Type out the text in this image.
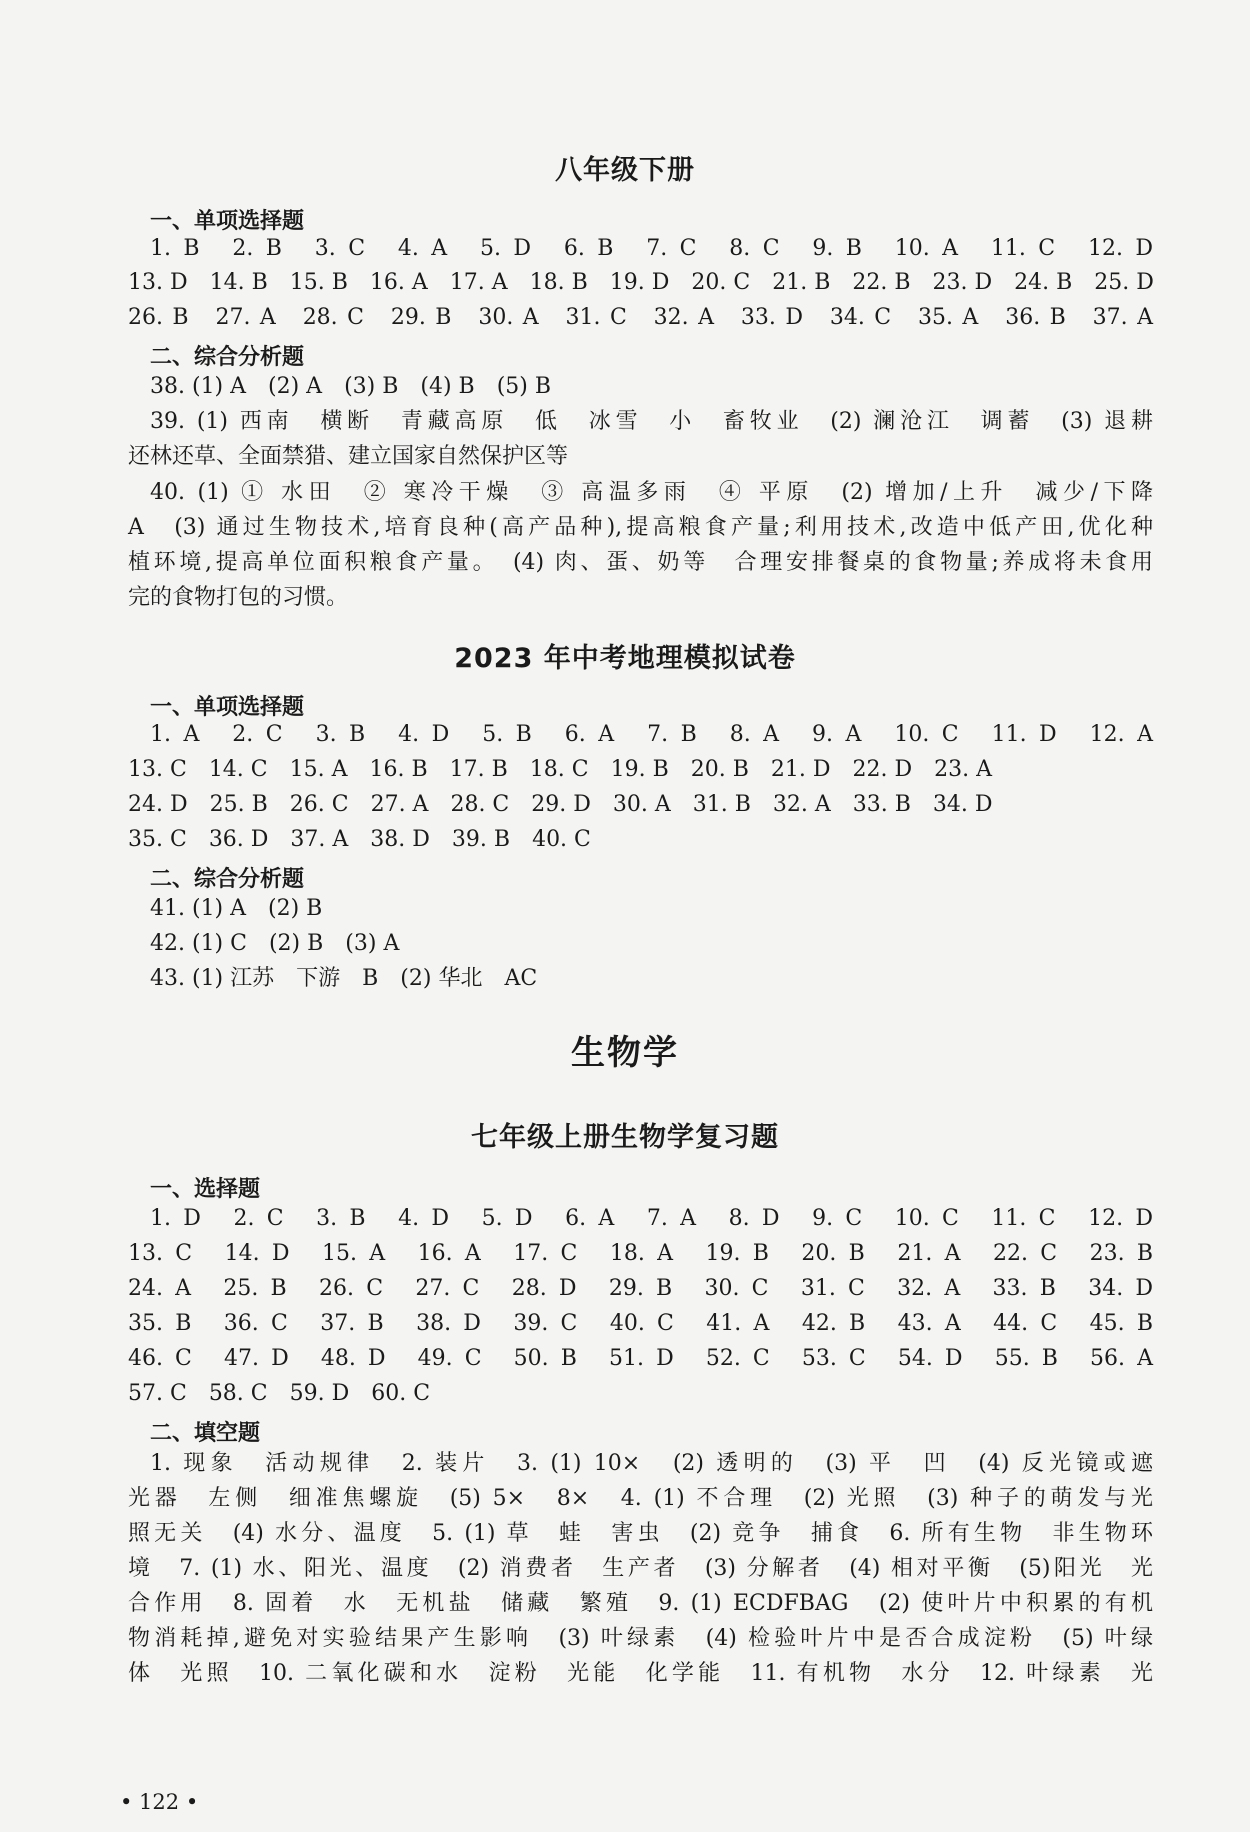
八年级下册
一、单项选择题
1. B　2. B　3. C　4. A　5. D　6. B　7. C　8. C　9. B　10. A　11. C　12. D
13. D　14. B　15. B　16. A　17. A　18. B　19. D　20. C　21. B　22. B　23. D　24. B　25. D
26. B　27. A　28. C　29. B　30. A　31. C　32. A　33. D　34. C　35. A　36. B　37. A
二、综合分析题
38. (1) A　(2) A　(3) B　(4) B　(5) B
39. (1) 西南　横断　青藏高原　低　冰雪　小　畜牧业　(2) 澜沧江　调蓄　(3) 退耕
还林还草、全面禁猎、建立国家自然保护区等
40. (1) ① 水田　② 寒冷干燥　③ 高温多雨　④ 平原　(2) 增加/上升　减少/下降
A　(3) 通过生物技术,培育良种(高产品种),提高粮食产量;利用技术,改造中低产田,优化种
植环境,提高单位面积粮食产量。　(4) 肉、蛋、奶等　合理安排餐桌的食物量;养成将未食用
完的食物打包的习惯。
2023 年中考地理模拟试卷
一、单项选择题
1. A　2. C　3. B　4. D　5. B　6. A　7. B　8. A　9. A　10. C　11. D　12. A
13. C　14. C　15. A　16. B　17. B　18. C　19. B　20. B　21. D　22. D　23. A
24. D　25. B　26. C　27. A　28. C　29. D　30. A　31. B　32. A　33. B　34. D
35. C　36. D　37. A　38. D　39. B　40. C
二、综合分析题
41. (1) A　(2) B
42. (1) C　(2) B　(3) A
43. (1) 江苏　下游　B　(2) 华北　AC
生物学
七年级上册生物学复习题
一、选择题
1. D　2. C　3. B　4. D　5. D　6. A　7. A　8. D　9. C　10. C　11. C　12. D
13. C　14. D　15. A　16. A　17. C　18. A　19. B　20. B　21. A　22. C　23. B
24. A　25. B　26. C　27. C　28. D　29. B　30. C　31. C　32. A　33. B　34. D
35. B　36. C　37. B　38. D　39. C　40. C　41. A　42. B　43. A　44. C　45. B
46. C　47. D　48. D　49. C　50. B　51. D　52. C　53. C　54. D　55. B　56. A
57. C　58. C　59. D　60. C
二、填空题
1. 现象　活动规律　2. 装片　3. (1) 10×　(2) 透明的　(3) 平　凹　(4) 反光镜或遮
光器　左侧　细准焦螺旋　(5) 5×　8×　4. (1) 不合理　(2) 光照　(3) 种子的萌发与光
照无关　(4) 水分、温度　5. (1) 草　蛙　害虫　(2) 竞争　捕食　6. 所有生物　非生物环
境　7. (1) 水、阳光、温度　(2) 消费者　生产者　(3) 分解者　(4) 相对平衡　(5)阳光　光
合作用　8. 固着　水　无机盐　储藏　繁殖　9. (1) ECDFBAG　(2) 使叶片中积累的有机
物消耗掉,避免对实验结果产生影响　(3) 叶绿素　(4) 检验叶片中是否合成淀粉　(5) 叶绿
体　光照　10. 二氧化碳和水　淀粉　光能　化学能　11. 有机物　水分　12. 叶绿素　光
• 122 •
